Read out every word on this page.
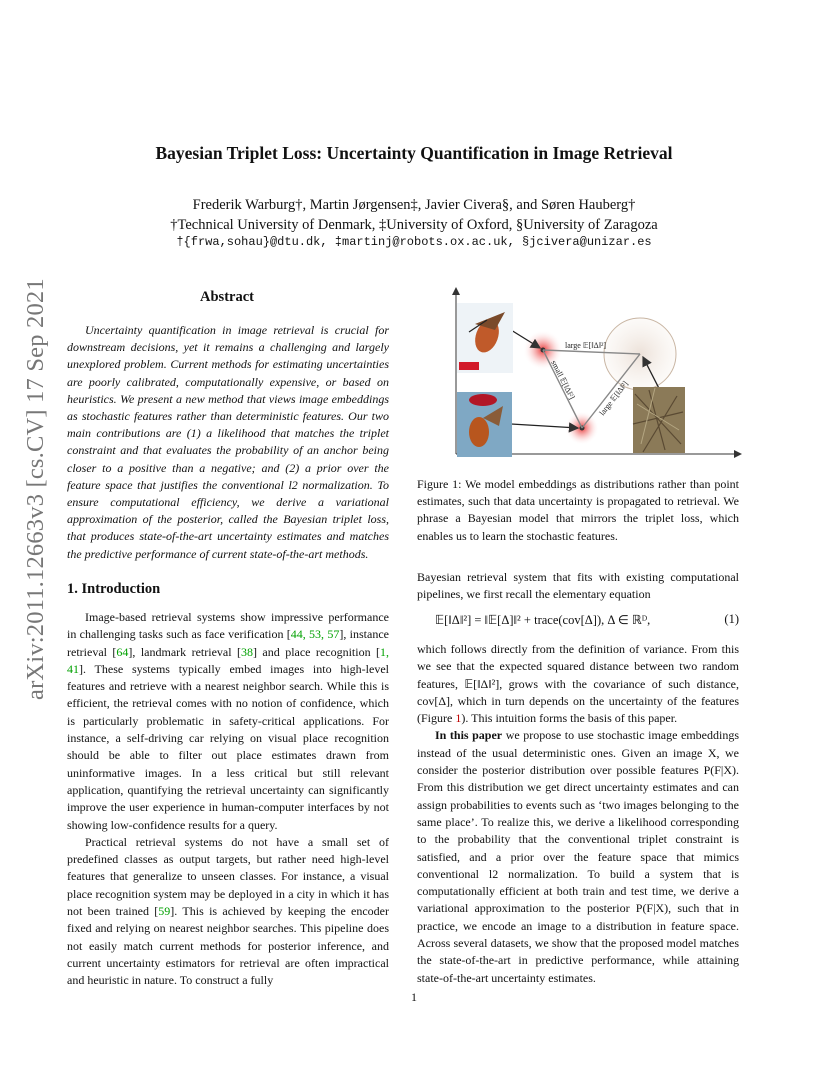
arXiv:2011.12663v3 [cs.CV] 17 Sep 2021
Bayesian Triplet Loss: Uncertainty Quantification in Image Retrieval
Frederik Warburg†, Martin Jørgensen‡, Javier Civera§, and Søren Hauberg†
†Technical University of Denmark, ‡University of Oxford, §University of Zaragoza
†{frwa,sohau}@dtu.dk, ‡martinj@robots.ox.ac.uk, §jcivera@unizar.es
Abstract
Uncertainty quantification in image retrieval is crucial for downstream decisions, yet it remains a challenging and largely unexplored problem. Current methods for estimating uncertainties are poorly calibrated, computationally expensive, or based on heuristics. We present a new method that views image embeddings as stochastic features rather than deterministic features. Our two main contributions are (1) a likelihood that matches the triplet constraint and that evaluates the probability of an anchor being closer to a positive than a negative; and (2) a prior over the feature space that justifies the conventional l2 normalization. To ensure computational efficiency, we derive a variational approximation of the posterior, called the Bayesian triplet loss, that produces state-of-the-art uncertainty estimates and matches the predictive performance of current state-of-the-art methods.
1. Introduction

Image-based retrieval systems show impressive performance in challenging tasks such as face verification [44, 53, 57], instance retrieval [64], landmark retrieval [38] and place recognition [1, 41]. These systems typically embed images into high-level features and retrieve with a nearest neighbor search. While this is efficient, the retrieval comes with no notion of confidence, which is particularly problematic in safety-critical applications. For instance, a self-driving car relying on visual place recognition should be able to filter out place estimates drawn from uninformative images. In a less critical but still relevant application, quantifying the retrieval uncertainty can significantly improve the user experience in human-computer interfaces by not showing low-confidence results for a query.

Practical retrieval systems do not have a small set of predefined classes as output targets, but rather need high-level features that generalize to unseen classes. For instance, a visual place recognition system may be deployed in a city in which it has not been trained [59]. This is achieved by keeping the encoder fixed and relying on nearest neighbor searches. This pipeline does not easily match current methods for posterior inference, and current uncertainty estimators for retrieval are often impractical and heuristic in nature. To construct a fully

large 𝔼[‖Δ‖²]
small 𝔼[‖Δ‖²]	large 𝔼[‖Δ‖²]
Figure 1: We model embeddings as distributions rather than point estimates, such that data uncertainty is propagated to retrieval. We phrase a Bayesian model that mirrors the triplet loss, which enables us to learn the stochastic features.
Bayesian retrieval system that fits with existing computational pipelines, we first recall the elementary equation
𝔼[‖Δ‖²] = ‖𝔼[Δ]‖² + trace(cov[Δ]), Δ ∈ ℝᴰ,	(1)
which follows directly from the definition of variance. From this we see that the expected squared distance between two random features, 𝔼[‖Δ‖²], grows with the covariance of such distance, cov[Δ], which in turn depends on the uncertainty of the features (Figure 1). This intuition forms the basis of this paper.

In this paper we propose to use stochastic image embeddings instead of the usual deterministic ones. Given an image X, we consider the posterior distribution over possible features P(F|X). From this distribution we get direct uncertainty estimates and can assign probabilities to events such as ‘two images belonging to the same place’. To realize this, we derive a likelihood corresponding to the probability that the conventional triplet constraint is satisfied, and a prior over the feature space that mimics conventional l2 normalization. To build a system that is computationally efficient at both train and test time, we derive a variational approximation to the posterior P(F|X), such that in practice, we encode an image to a distribution in feature space. Across several datasets, we show that the proposed model matches the state-of-the-art in predictive performance, while attaining state-of-the-art uncertainty estimates.

1
